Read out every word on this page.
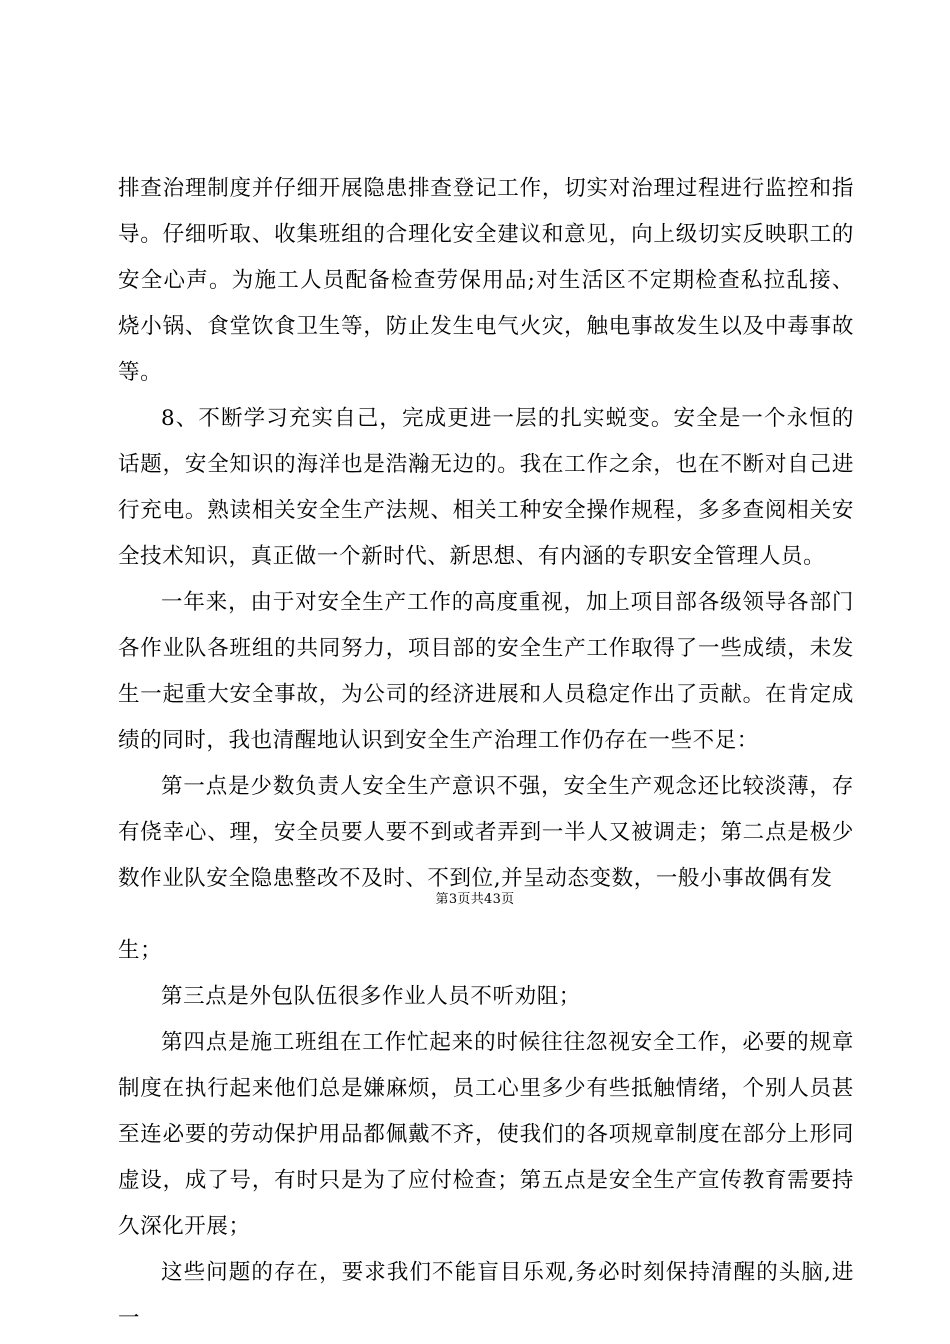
排查治理制度并仔细开展隐患排查登记工作，切实对治理过程进行监控和指导。仔细听取、收集班组的合理化安全建议和意见，向上级切实反映职工的安全心声。为施工人员配备检查劳保用品;对生活区不定期检查私拉乱接、烧小锅、食堂饮食卫生等，防止发生电气火灾，触电事故发生以及中毒事故等。

8、不断学习充实自己，完成更进一层的扎实蜕变。安全是一个永恒的话题，安全知识的海洋也是浩瀚无边的。我在工作之余，也在不断对自己进行充电。熟读相关安全生产法规、相关工种安全操作规程，多多查阅相关安全技术知识，真正做一个新时代、新思想、有内涵的专职安全管理人员。

一年来，由于对安全生产工作的高度重视，加上项目部各级领导各部门各作业队各班组的共同努力，项目部的安全生产工作取得了一些成绩，未发生一起重大安全事故，为公司的经济进展和人员稳定作出了贡献。在肯定成绩的同时，我也清醒地认识到安全生产治理工作仍存在一些不足：

第一点是少数负责人安全生产意识不强，安全生产观念还比较淡薄，存有侥幸心、理，安全员要人要不到或者弄到一半人又被调走；第二点是极少数作业队安全隐患整改不及时、不到位,并呈动态变数，一般小事故偶有发

第3页共43页

生；

第三点是外包队伍很多作业人员不听劝阻；

第四点是施工班组在工作忙起来的时候往往忽视安全工作，必要的规章制度在执行起来他们总是嫌麻烦，员工心里多少有些抵触情绪，个别人员甚至连必要的劳动保护用品都佩戴不齐，使我们的各项规章制度在部分上形同虚设，成了号，有时只是为了应付检查；第五点是安全生产宣传教育需要持久深化开展；

这些问题的存在，要求我们不能盲目乐观,务必时刻保持清醒的头脑,进一
